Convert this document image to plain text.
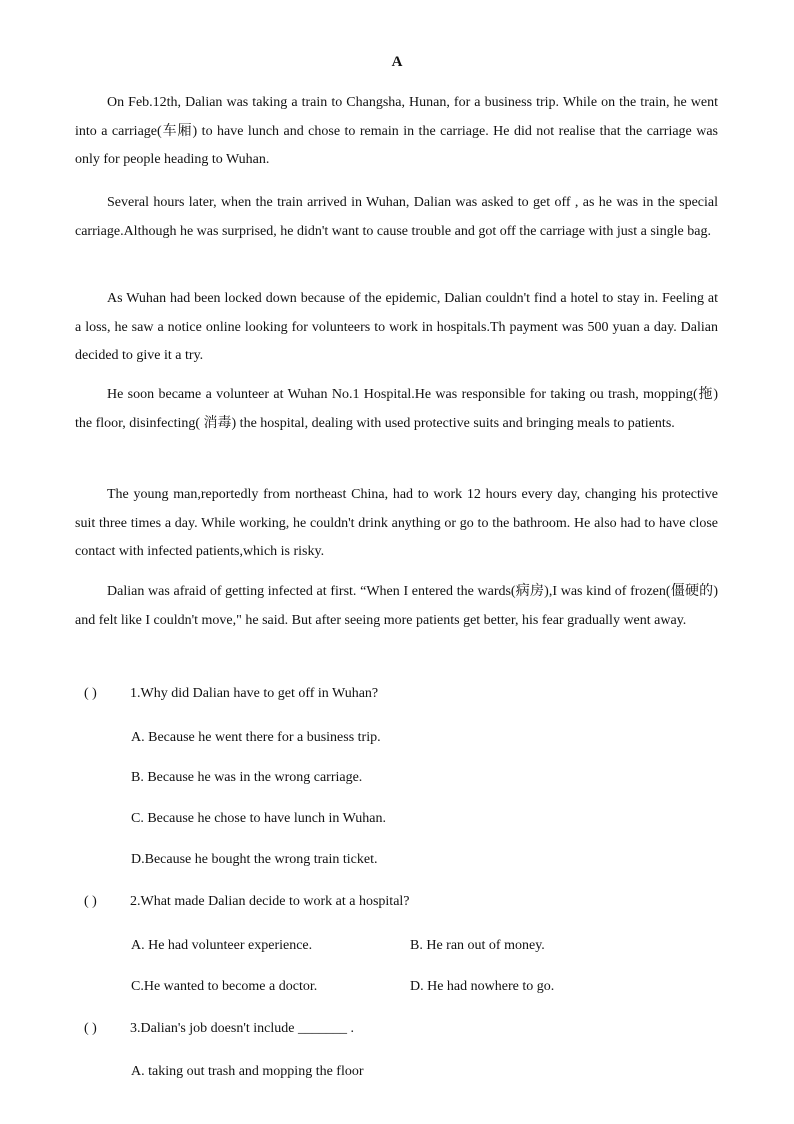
A

On Feb.12th, Dalian was taking a train to Changsha, Hunan, for a business trip. While on the train, he went into a carriage(车厢) to have lunch and chose to remain in the carriage. He did not realise that the carriage was only for people heading to Wuhan.

Several hours later, when the train arrived in Wuhan, Dalian was asked to get off , as he was in the special carriage.Although he was surprised, he didn't want to cause trouble and got off the carriage with just a single bag.

As Wuhan had been locked down because of the epidemic, Dalian couldn't find a hotel to stay in. Feeling at a loss, he saw a notice online looking for volunteers to work in hospitals.Th payment was 500 yuan a day. Dalian decided to give it a try.

He soon became a volunteer at Wuhan No.1 Hospital.He was responsible for taking ou trash, mopping(拖) the floor, disinfecting( 消毒) the hospital, dealing with used protective suits and bringing meals to patients.

The young man,reportedly from northeast China, had to work 12 hours every day, changing his protective suit three times a day. While working, he couldn't drink anything or go to the bathroom. He also had to have close contact with infected patients,which is risky.

Dalian was afraid of getting infected at first. “When I entered the wards(病房),I was kind of frozen(僵硬的) and felt like I couldn't move," he said. But after seeing more patients get better, his fear gradually went away.

( ) 1.Why did Dalian have to get off in Wuhan?
A. Because he went there for a business trip.
B. Because he was in the wrong carriage.
C. Because he chose to have lunch in Wuhan.
D.Because he bought the wrong train ticket.
( ) 2.What made Dalian decide to work at a hospital?
A. He had volunteer experience.	B. He ran out of money.
C.He wanted to become a doctor.	D. He had nowhere to go.
( ) 3.Dalian's job doesn't include _______ .
A. taking out trash and mopping the floor
